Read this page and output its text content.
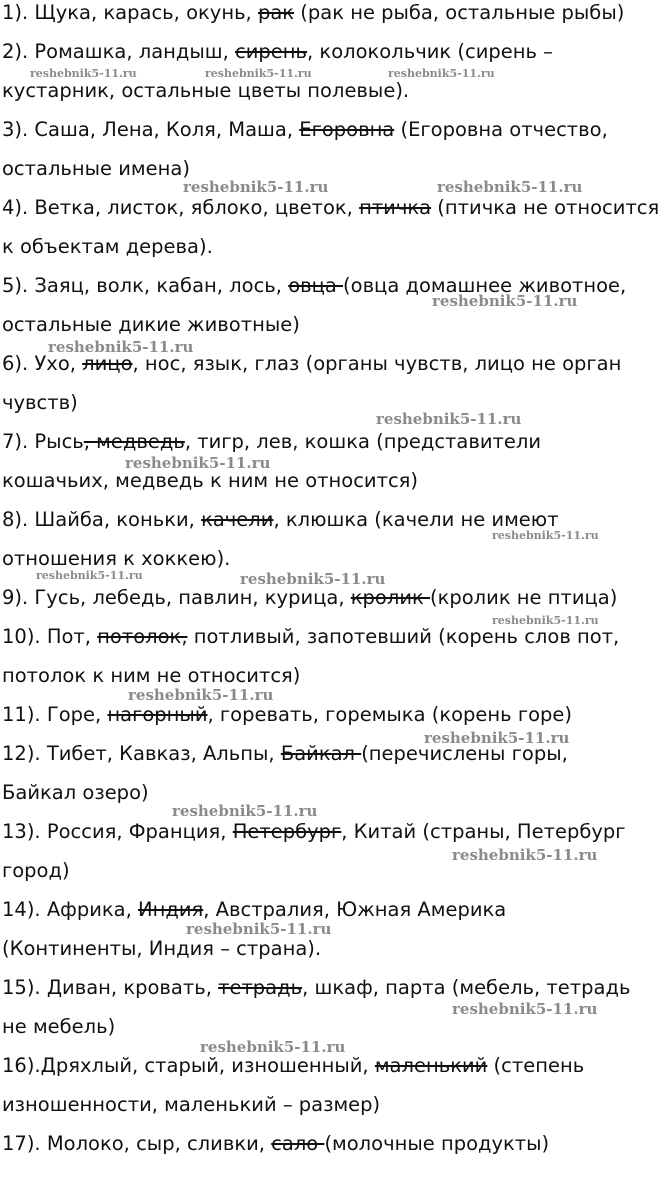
1). Щука, карась, окунь, рак (рак не рыба, остальные рыбы)
2). Ромашка, ландыш, сирень, колокольчик (сирень –
кустарник, остальные цветы полевые).
3). Саша, Лена, Коля, Маша, Егоровна (Егоровна отчество,
остальные имена)
4). Ветка, листок, яблоко, цветок, птичка (птичка не относится
к объектам дерева).
5). Заяц, волк, кабан, лось, овца (овца домашнее животное,
остальные дикие животные)
6). Ухо, лицо, нос, язык, глаз (органы чувств, лицо не орган
чувств)
7). Рысь, медведь, тигр, лев, кошка (представители
кошачьих, медведь к ним не относится)
8). Шайба, коньки, качели, клюшка (качели не имеют
отношения к хоккею).
9). Гусь, лебедь, павлин, курица, кролик (кролик не птица)
10). Пот, потолок, потливый, запотевший (корень слов пот,
потолок к ним не относится)
11). Горе, нагорный, горевать, горемыка (корень горе)
12). Тибет, Кавказ, Альпы, Байкал (перечислены горы,
Байкал озеро)
13). Россия, Франция, Петербург, Китай (страны, Петербург
город)
14). Африка, Индия, Австралия, Южная Америка
(Континенты, Индия – страна).
15). Диван, кровать, тетрадь, шкаф, парта (мебель, тетрадь
не мебель)
16).Дряхлый, старый, изношенный, маленький (степень
изношенности, маленький – размер)
17). Молоко, сыр, сливки, сало (молочные продукты)
reshebnik5-11.ru	reshebnik5-11.ru	reshebnik5-11.ru
reshebnik5-11.ru	reshebnik5-11.ru
reshebnik5-11.ru
reshebnik5-11.ru
reshebnik5-11.ru
reshebnik5-11.ru
reshebnik5-11.ru
reshebnik5-11.ru	reshebnik5-11.ru
reshebnik5-11.ru
reshebnik5-11.ru
reshebnik5-11.ru
reshebnik5-11.ru
reshebnik5-11.ru
reshebnik5-11.ru
reshebnik5-11.ru
reshebnik5-11.ru
